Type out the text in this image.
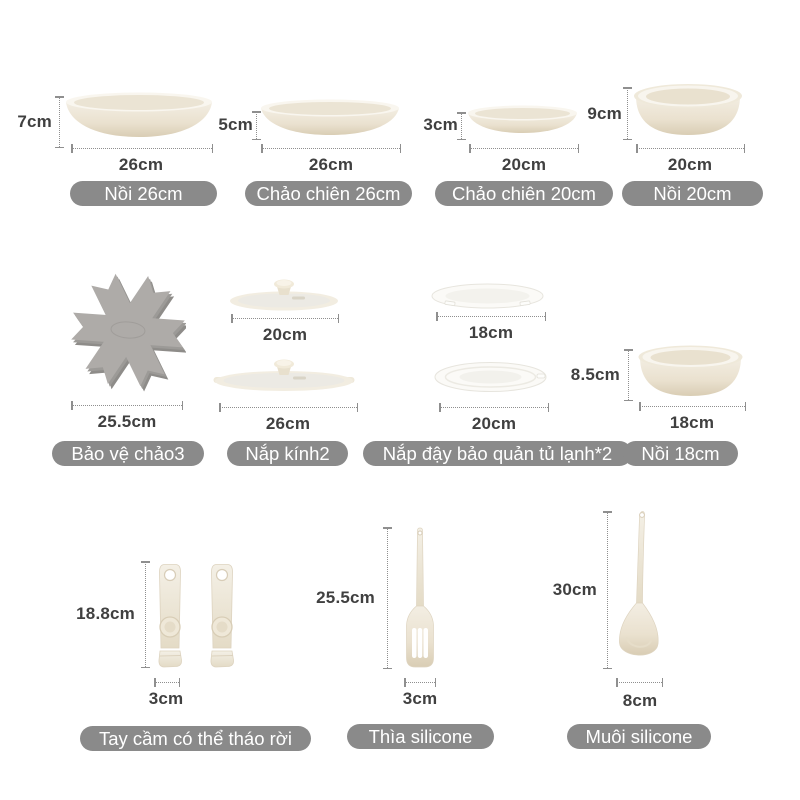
7cm
26cm
Nồi 26cm
5cm
26cm
Chảo chiên 26cm
3cm
20cm
Chảo chiên 20cm
9cm
20cm
Nồi 20cm
25.5cm
Bảo vệ chảo3
20cm
26cm
Nắp kính2
18cm
20cm
Nắp đậy bảo quản tủ lạnh*2
8.5cm
18cm
Nồi 18cm
18.8cm
3cm
Tay cầm có thể tháo rời
25.5cm
3cm
Thìa silicone
30cm
8cm
Muôi silicone
